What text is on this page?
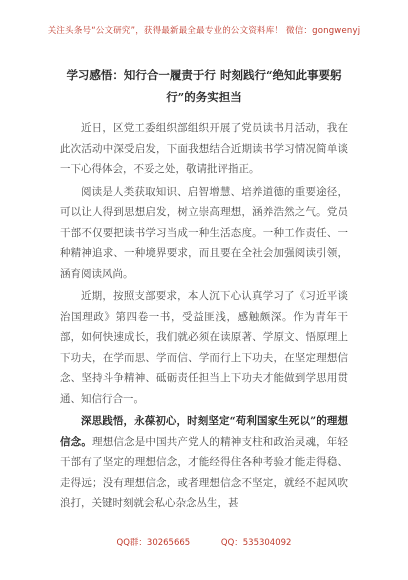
关注头条号“公文研究”，获得最新最全最专业的公文资料库！ 微信：gongwenyj
学习感悟：知行合一履责于行 时刻践行“绝知此事要躬
行”的务实担当

近日，区党工委组织部组织开展了党员读书月活动，我在此次活动中深受启发，下面我想结合近期读书学习情况简单谈一下心得体会，不妥之处，敬请批评指正。

阅读是人类获取知识、启智增慧、培养道德的重要途径，可以让人得到思想启发，树立崇高理想，涵养浩然之气。党员干部不仅要把读书学习当成一种生活态度。一种工作责任、一种精神追求、一种境界要求，而且要在全社会加强阅读引领，涵育阅读风尚。

近期，按照支部要求，本人沉下心认真学习了《习近平谈治国理政》第四卷一书，受益匪浅，感触颇深。作为青年干部，如何快速成长，我们就必须在读原著、学原文、悟原理上下功夫，在学而思、学而信、学而行上下功夫，在坚定理想信念、坚持斗争精神、砥砺责任担当上下功夫才能做到学思用贯通、知信行合一。

深思践悟，永葆初心，时刻坚定“苟利国家生死以”的理想信念。理想信念是中国共产党人的精神支柱和政治灵魂，年轻干部有了坚定的理想信念，才能经得住各种考验才能走得稳、走得远；没有理想信念，或者理想信念不坚定，就经不起风吹浪打，关键时刻就会私心杂念丛生，甚

QQ群：30265665	QQ：535304092
